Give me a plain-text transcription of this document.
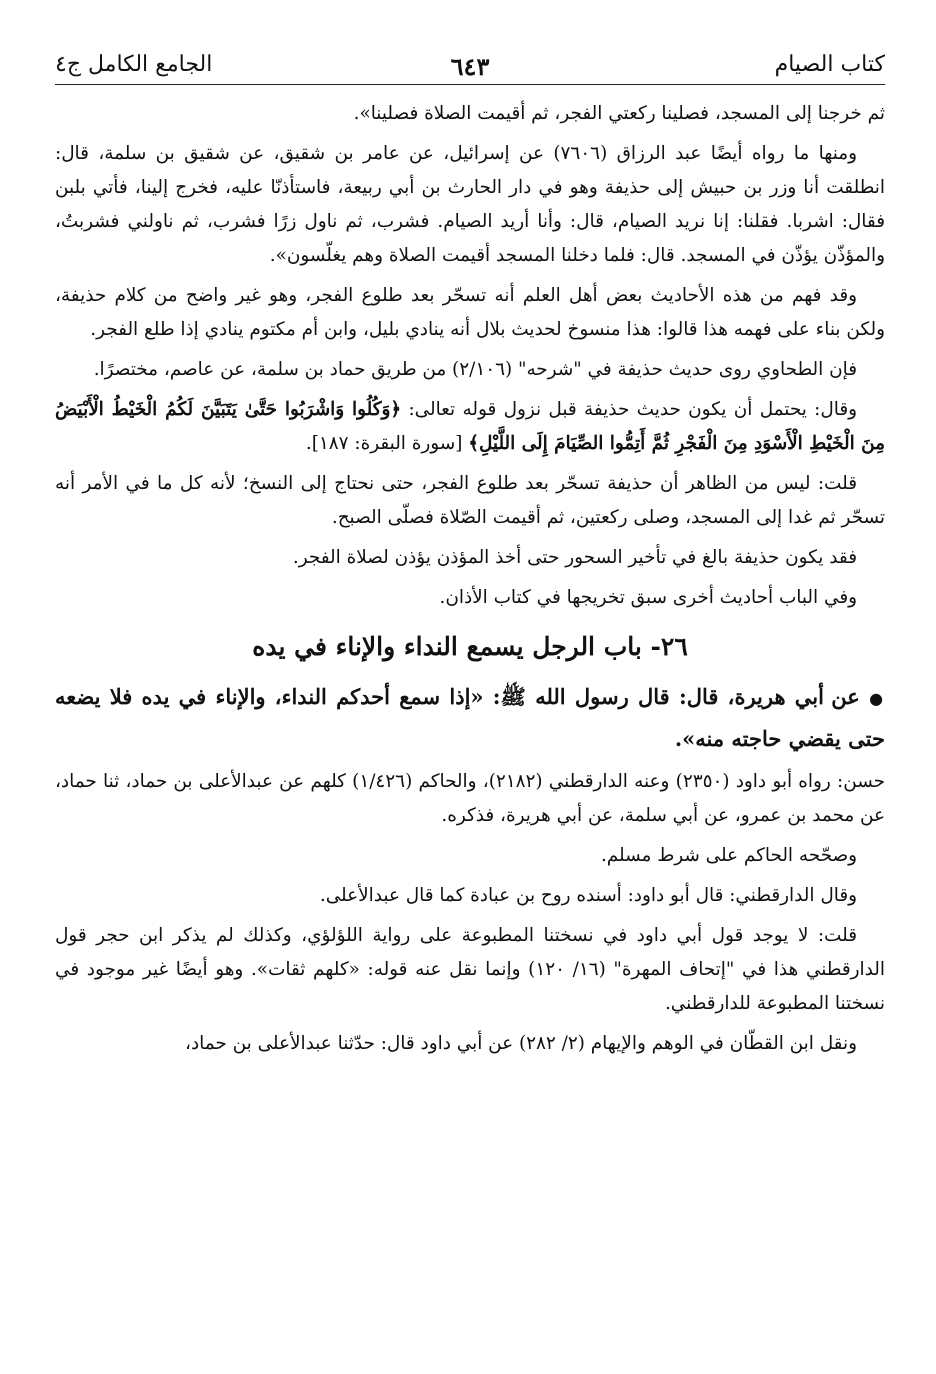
كتاب الصيام
٦٤٣
الجامع الكامل ج٤

ثم خرجنا إلى المسجد، فصلينا ركعتي الفجر، ثم أقيمت الصلاة فصلينا».

ومنها ما رواه أيضًا عبد الرزاق (٧٦٠٦) عن إسرائيل، عن عامر بن شقيق، عن شقيق بن سلمة، قال: انطلقت أنا وزر بن حبيش إلى حذيفة وهو في دار الحارث بن أبي ربيعة، فاستأذنّا عليه، فخرج إلينا، فأتي بلبن فقال: اشربا. فقلنا: إنا نريد الصيام، قال: وأنا أريد الصيام. فشرب، ثم ناول زرًا فشرب، ثم ناولني فشربتُ، والمؤذّن يؤذّن في المسجد. قال: فلما دخلنا المسجد أقيمت الصلاة وهم يغلّسون».

وقد فهم من هذه الأحاديث بعض أهل العلم أنه تسحّر بعد طلوع الفجر، وهو غير واضح من كلام حذيفة، ولكن بناء على فهمه هذا قالوا: هذا منسوخ لحديث بلال أنه ينادي بليل، وابن أم مكتوم ينادي إذا طلع الفجر.

فإن الطحاوي روى حديث حذيفة في "شرحه" (٢/١٠٦) من طريق حماد بن سلمة، عن عاصم، مختصرًا.

وقال: يحتمل أن يكون حديث حذيفة قبل نزول قوله تعالى: ﴿وَكُلُوا وَاشْرَبُوا حَتَّىٰ يَتَبَيَّنَ لَكُمُ الْخَيْطُ الْأَبْيَضُ مِنَ الْخَيْطِ الْأَسْوَدِ مِنَ الْفَجْرِ ثُمَّ أَتِمُّوا الصِّيَامَ إِلَى اللَّيْلِ﴾ [سورة البقرة: ١٨٧].

قلت: ليس من الظاهر أن حذيفة تسحّر بعد طلوع الفجر، حتى نحتاج إلى النسخ؛ لأنه كل ما في الأمر أنه تسحّر ثم غدا إلى المسجد، وصلى ركعتين، ثم أقيمت الصّلاة فصلّى الصبح.

فقد يكون حذيفة بالغ في تأخير السحور حتى أخذ المؤذن يؤذن لصلاة الفجر.

وفي الباب أحاديث أخرى سبق تخريجها في كتاب الأذان.

٢٦- باب الرجل يسمع النداء والإناء في يده

● عن أبي هريرة، قال: قال رسول الله ﷺ: «إذا سمع أحدكم النداء، والإناء في يده فلا يضعه حتى يقضي حاجته منه».

حسن: رواه أبو داود (٢٣٥٠) وعنه الدارقطني (٢١٨٢)، والحاكم (١/٤٢٦) كلهم عن عبدالأعلى بن حماد، ثنا حماد، عن محمد بن عمرو، عن أبي سلمة، عن أبي هريرة، فذكره.

وصحّحه الحاكم على شرط مسلم.

وقال الدارقطني: قال أبو داود: أسنده روح بن عبادة كما قال عبدالأعلى.

قلت: لا يوجد قول أبي داود في نسختنا المطبوعة على رواية اللؤلؤي، وكذلك لم يذكر ابن حجر قول الدارقطني هذا في "إتحاف المهرة" (١٦/ ١٢٠) وإنما نقل عنه قوله: «كلهم ثقات». وهو أيضًا غير موجود في نسختنا المطبوعة للدارقطني.

ونقل ابن القطّان في الوهم والإيهام (٢/ ٢٨٢) عن أبي داود قال: حدّثنا عبدالأعلى بن حماد،
